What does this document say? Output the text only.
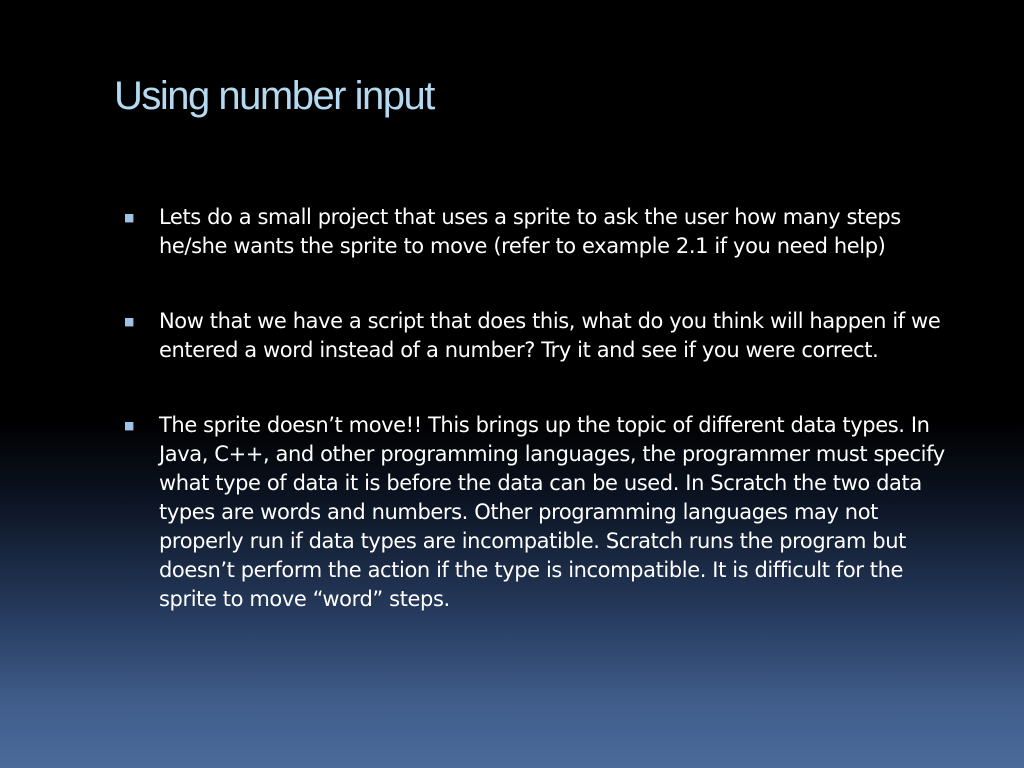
Using number input
■ Lets do a small project that uses a sprite to ask the user how many steps he/she wants the sprite to move (refer to example 2.1 if you need help)
■ Now that we have a script that does this, what do you think will happen if we entered a word instead of a number? Try it and see if you were correct.
■ The sprite doesn’t move!! This brings up the topic of different data types. In Java, C++, and other programming languages, the programmer must specify what type of data it is before the data can be used. In Scratch the two data types are words and numbers. Other programming languages may not properly run if data types are incompatible. Scratch runs the program but doesn’t perform the action if the type is incompatible. It is difficult for the sprite to move “word” steps.
